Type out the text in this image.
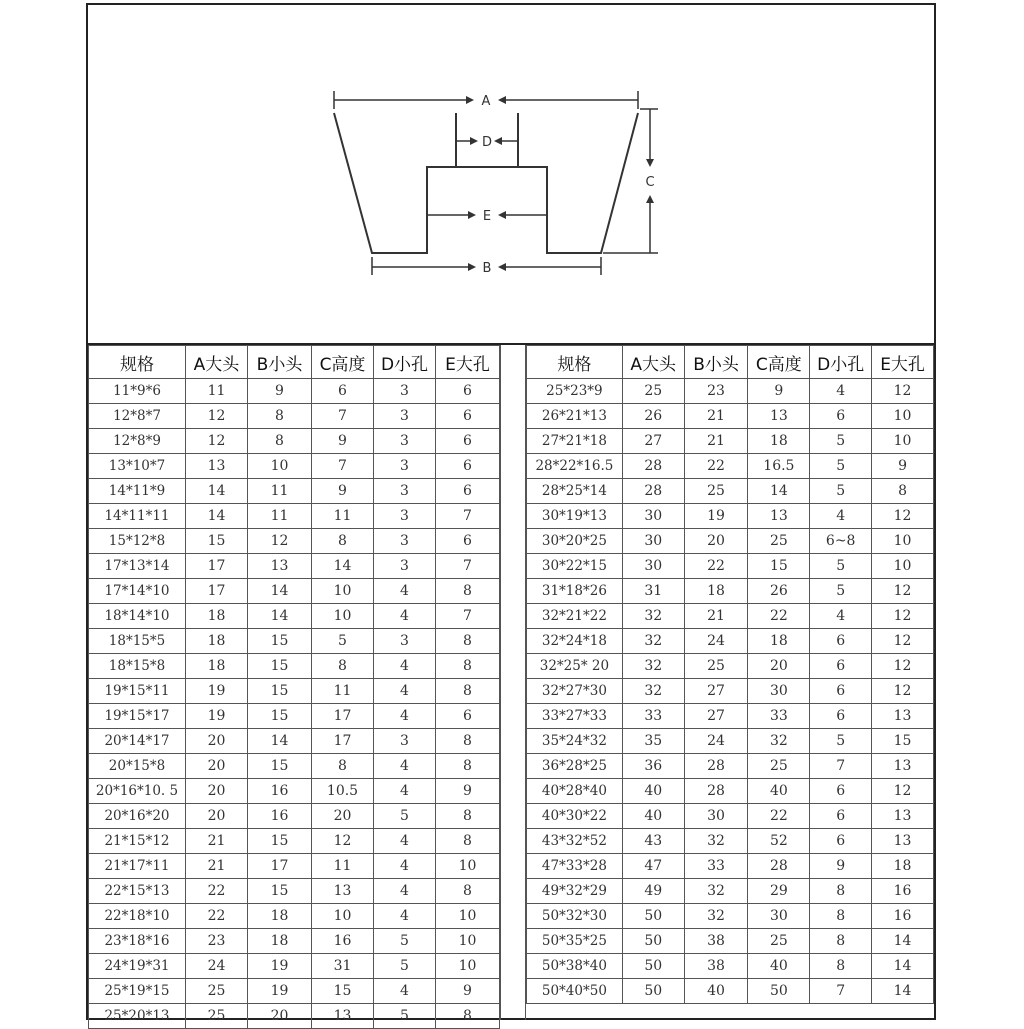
A
D
E
B
C
规格	A大头	B小头	C高度	D小孔	E大孔
11*9*6	11	9	6	3	6
12*8*7	12	8	7	3	6
12*8*9	12	8	9	3	6
13*10*7	13	10	7	3	6
14*11*9	14	11	9	3	6
14*11*11	14	11	11	3	7
15*12*8	15	12	8	3	6
17*13*14	17	13	14	3	7
17*14*10	17	14	10	4	8
18*14*10	18	14	10	4	7
18*15*5	18	15	5	3	8
18*15*8	18	15	8	4	8
19*15*11	19	15	11	4	8
19*15*17	19	15	17	4	6
20*14*17	20	14	17	3	8
20*15*8	20	15	8	4	8
20*16*10. 5	20	16	10.5	4	9
20*16*20	20	16	20	5	8
21*15*12	21	15	12	4	8
21*17*11	21	17	11	4	10
22*15*13	22	15	13	4	8
22*18*10	22	18	10	4	10
23*18*16	23	18	16	5	10
24*19*31	24	19	31	5	10
25*19*15	25	19	15	4	9
25*20*13	25	20	13	5	8
规格	A大头	B小头	C高度	D小孔	E大孔
25*23*9	25	23	9	4	12
26*21*13	26	21	13	6	10
27*21*18	27	21	18	5	10
28*22*16.5	28	22	16.5	5	9
28*25*14	28	25	14	5	8
30*19*13	30	19	13	4	12
30*20*25	30	20	25	6~8	10
30*22*15	30	22	15	5	10
31*18*26	31	18	26	5	12
32*21*22	32	21	22	4	12
32*24*18	32	24	18	6	12
32*25* 20	32	25	20	6	12
32*27*30	32	27	30	6	12
33*27*33	33	27	33	6	13
35*24*32	35	24	32	5	15
36*28*25	36	28	25	7	13
40*28*40	40	28	40	6	12
40*30*22	40	30	22	6	13
43*32*52	43	32	52	6	13
47*33*28	47	33	28	9	18
49*32*29	49	32	29	8	16
50*32*30	50	32	30	8	16
50*35*25	50	38	25	8	14
50*38*40	50	38	40	8	14
50*40*50	50	40	50	7	14
